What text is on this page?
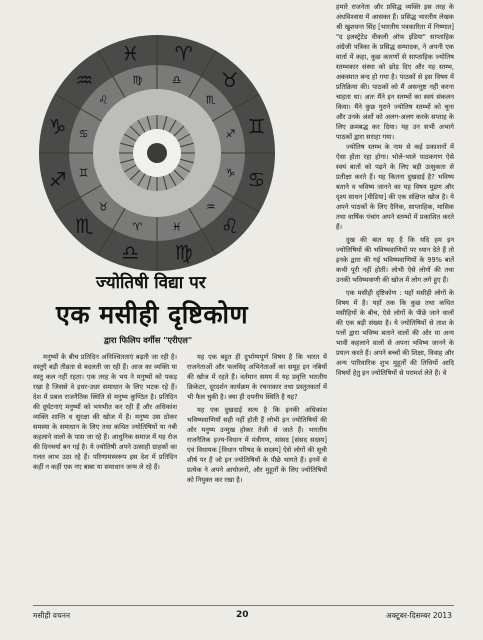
♈
♎ ♉
♏
♊
♐
♋
♑
♌
♒
♍
♓
♎
♈
♏
♉
♐ ♊
♑ ♋
♒
♌
♓
♍
ज्योतिषी विद्या पर
एक मसीही दृष्टिकोण
द्वारा फिलिप वर्गीस "एरीएल"

मनुष्यों के बीच प्रतिदिन अनिश्चितताएं बढ़ती जा रही है। वस्तुएँ बड़ी तीव्रता से बदलती जा रही हैं। आज का व्यक्ति या वस्तु कल नहीं रहता। एक तरह के भय ने मनुष्यों को पकड़ रखा है जिससे वे इधर-उधर समाधान के लिए भटक रहे हैं। देश में प्रबल राजनैतिक स्थिति से मनुष्य कुण्ठित है। प्रतिदिन की दुर्घटनाएं मनुष्यों को भयभीत कर रही हैं और अधिकांश व्यक्ति शान्ति व सुरक्षा की खोज में हैं। मनुष्य उस ठोकर समस्या के समाधान के लिए तथा कथित ज्योतिषियों या नबी कहलाने वालों के पास जा रहे हैं। आधुनिक समाज में यह रोज की दिनचर्या बन गई है। ये ज्योतिषी अपने उत्साही ग्राहकों का गलत लाभ उठा रहे हैं। परिणामस्वरूप इस देश में प्रतिदिन कहीं न कहीं एक नए बाबा या समाधान जन्म ले रहे हैं।

यह एक बहुत ही दुर्भाग्यपूर्ण विषय है कि भारत में राजनेताओं और फलविद् अभिनेताओं का समूह इन नबियों की खोज में रहते हैं। वर्तमान समय में यह प्रवृत्ति भारतीय क्रिकेटर, दूरदर्शन कार्यक्रम के रचनाकार तथा प्रस्तुतकर्ता में भी फैल चुकी है। क्या ही दयनीय स्थिति है यह?

यह एक दुखदाई सत्य है कि इनकी अधिकांश भविष्यवाणियाँ सही नहीं होती हैं लोभी इन ज्योतिषियों की ओर मनुष्य उन्मुख होकर तेजी से जाते हैं। भारतीय राजनैतिक इज्य-विधान में मंत्रीगण, सांसद [संसद सदस्य] एवं विधायक [विधान परिषद के सदस्य] ऐसे लोगों की सूची शीर्ष पर हैं जो इन ज्योतिषियों के पीछे भागते हैं। इनमें से प्रत्येक ने अपने आयोजनों, और मुहूर्तों के लिए ज्योतिषियों को नियुक्त कर रखा है।

हमारे राजनेता और प्रसिद्ध व्यक्ति इस तरह के अंधविश्वास में आसक्त हैं। प्रसिद्ध भारतीय लेखक श्री खुशवन्त सिंह [भारतीय पत्रकारिता में निष्णात] "द इलस्ट्रेटेड वीकली ऑफ इंडिया" साप्ताहिक अंग्रेजी पत्रिका के प्रसिद्ध सम्पादक, ने अपनी एक वार्ता में कहा, कुछ कारणों से साप्ताहिक ज्योतिष स्तम्भकार संस्था को छोड़ दिए और यह स्तम्भ, अकस्मात बन्द हो गया है। पाठकों से इस विषय में प्रतिक्रिया की। पाठकों को मैं असन्तुष्ट नहीं करना चाहता था। अतः मैंने इन स्तम्भों का स्वयं संकलन किया। मैंने कुछ पुराने ज्योतिष स्तम्भों को चुना और उनके अंशों को अलग-अलग करके सप्ताह के लिए क्रमबद्ध कर दिया। यह उन सभी अभागे पाठकों द्वारा सराहा गया।

ज्योतिष स्तम्भ के नाम से कई प्रकाशनों में ऐसा होता रहा होगा। भोले-भाले पाठकगण ऐसे स्वयं बातों को पढ़ने के लिए बड़ी उत्सुकता से प्रतीक्षा करते हैं। यह कितना दुखदाई है? भविष्य बताने व भविष्य जानने का यह विषय मुद्रण और दृश्य साधन [मीडिया] की एक संक्षिप्त खोज है। ये अपने पाठकों के लिए दैनिक, साप्ताहिक, मासिक तथा वार्षिक पंचांग अपने स्तम्भों में प्रकाशित करते हैं।

दुख की बात यह है कि यदि हम इन ज्योतिषियों की भविष्यवाणियों पर ध्यान देते हैं तो इनके द्वारा की गई भविष्यवाणियों के 99% बातें कभी पूरी नहीं होतीं। लोभी ऐसे लोगों की तथा उनकी भविष्यवाणी की खोज में लोग लगे हुए हैं।

एक मसीही दृष्टिकोण : यहाँ मसीही लोगों के विषय में है। यहाँ तक कि कुछ तथा कथित मसीहियों के बीच, ऐसे लोगों के पीछे जाने वालों की एक बड़ी संख्या है। ये ज्योतिषियों से ताश के पत्तों द्वारा भविष्य बताने वालों की ओर या अन्य भावी कहलाने वालों से अपना भविष्य जानने के प्रयत्न करते हैं। अपने बच्चों की शिक्षा, विवाह और अन्य पारिवारिक शुभ मुहूर्तों की तिथियों आदि विषयों हेतु इन ज्योतिषियों से परामर्श लेते हैं। वे

मसीही वचनन	20	अक्टूबर-दिसम्बर 2013
